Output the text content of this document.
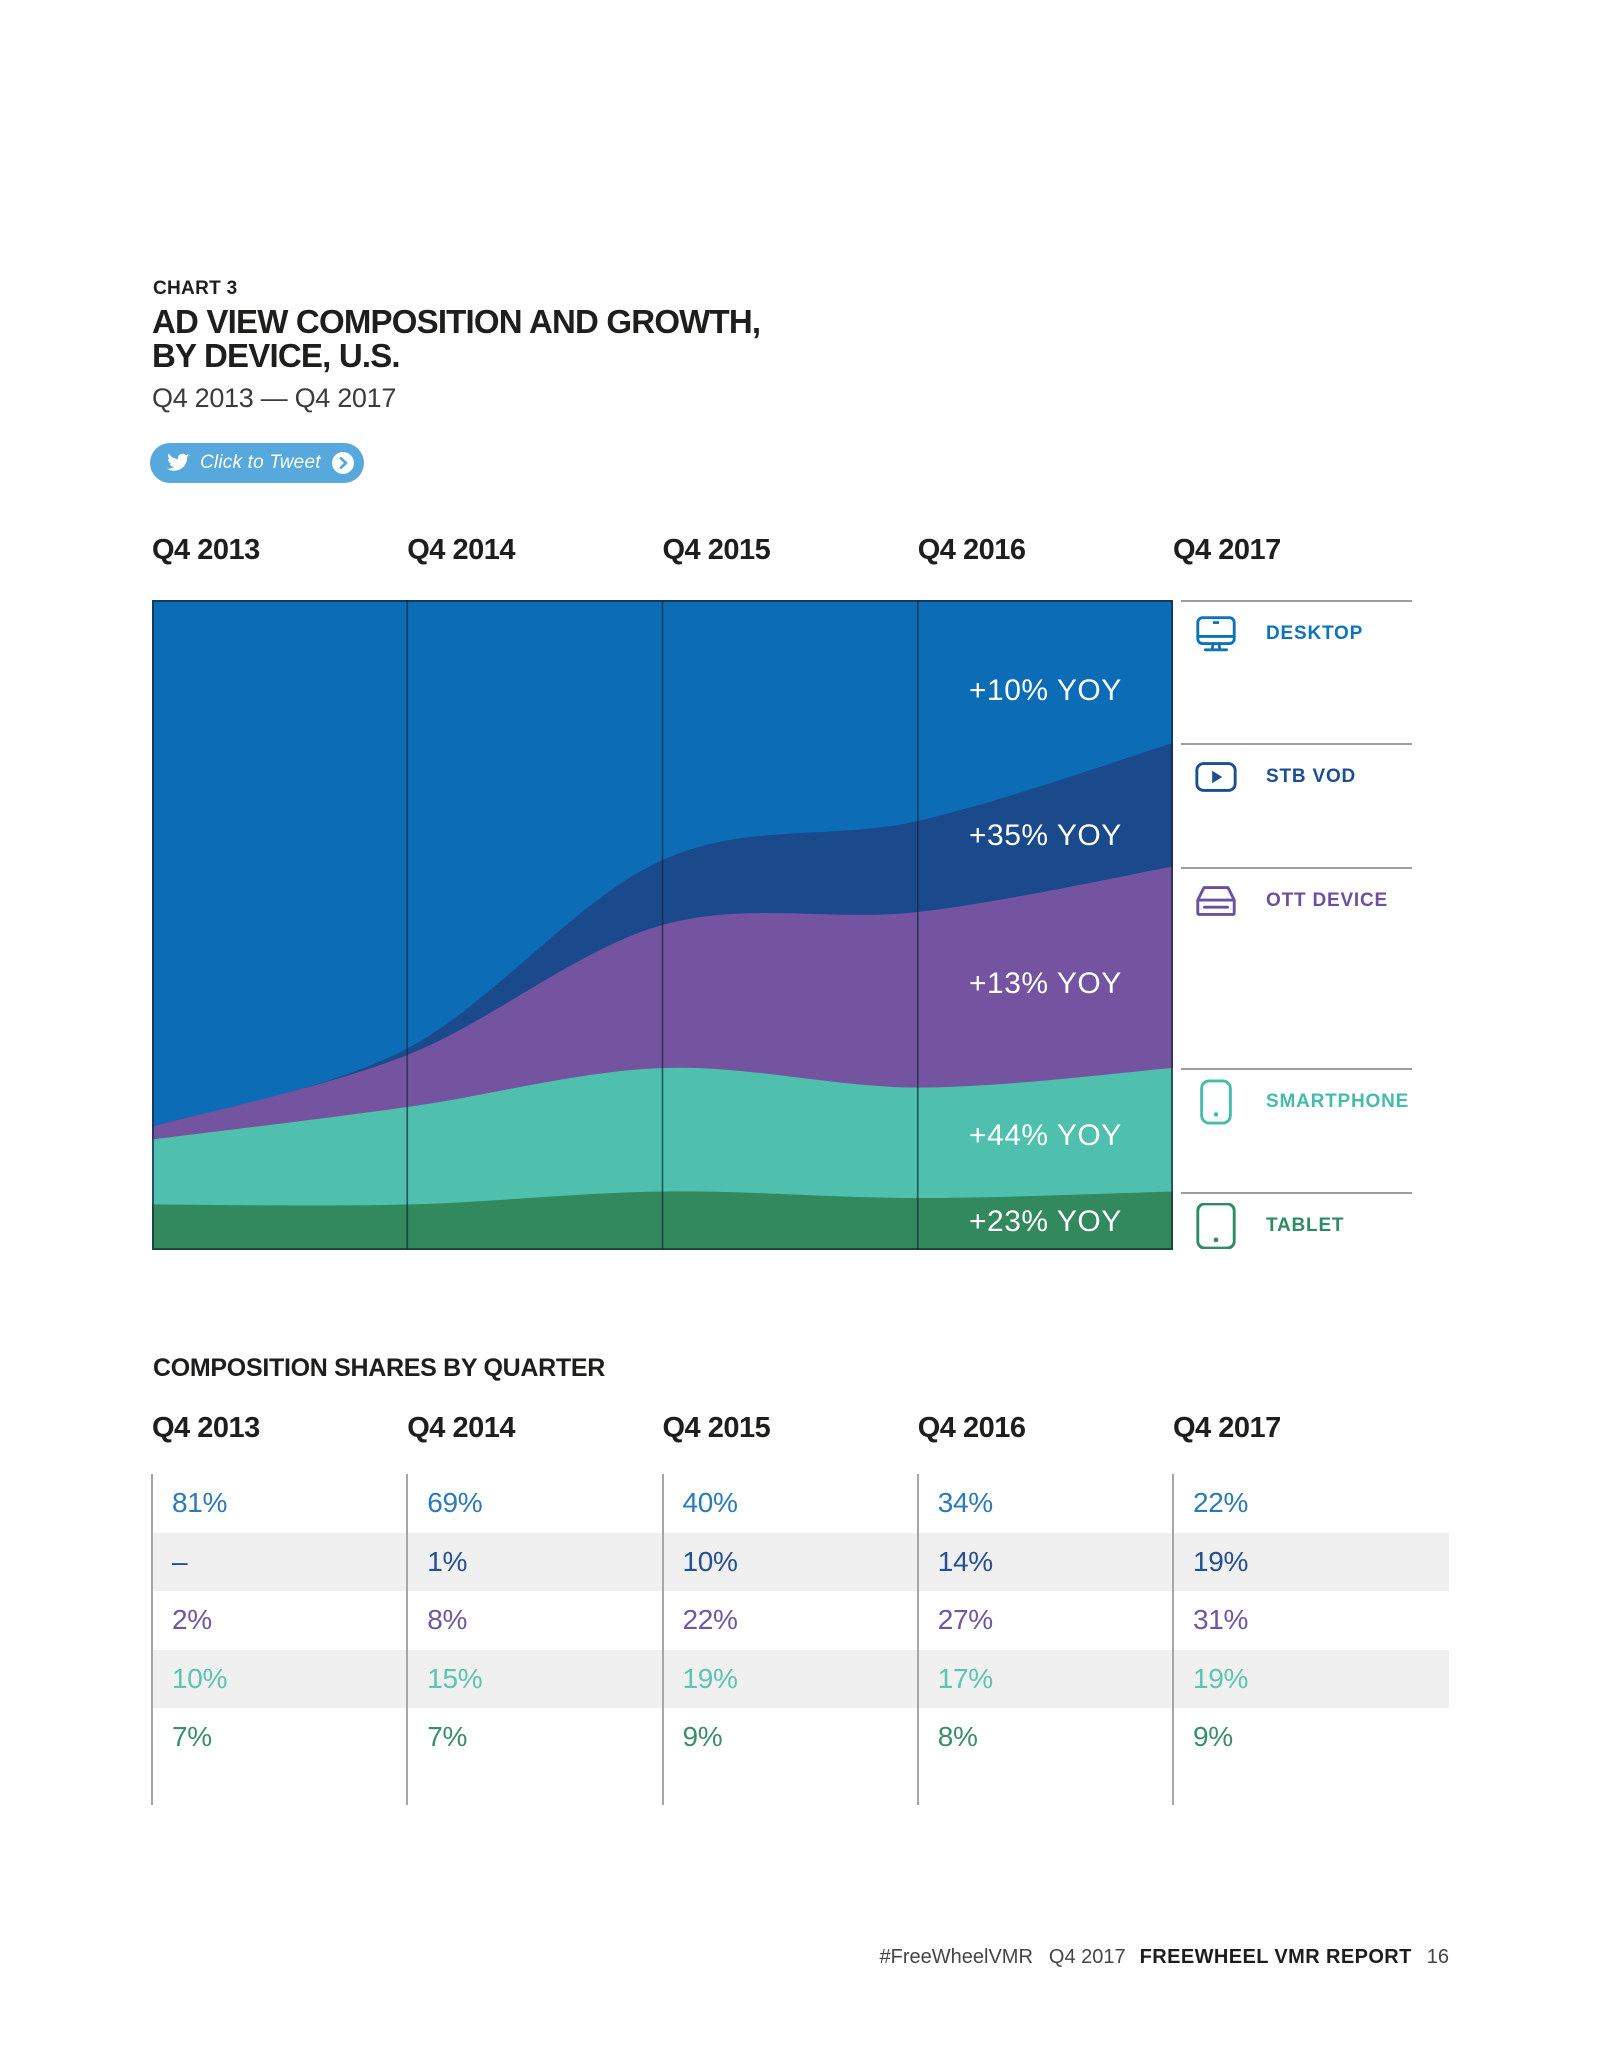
CHART 3
AD VIEW COMPOSITION AND GROWTH,
BY DEVICE, U.S.
Q4 2013 — Q4 2017
Click to Tweet
Q4 2013	Q4 2014	Q4 2015	Q4 2016	Q4 2017
+10% YOY
+35% YOY
+13% YOY
+44% YOY
+23% YOY
DESKTOP
STB VOD
OTT DEVICE
SMARTPHONE
TABLET
COMPOSITION SHARES BY QUARTER
Q4 2013	Q4 2014	Q4 2015	Q4 2016	Q4 2017
81%	69%	40%	34%	22%
–	1%	10%	14%	19%
2%	8%	22%	27%	31%
10%	15%	19%	17%	19%
7%	7%	9%	8%	9%
#FreeWheelVMR Q4 2017 FREEWHEEL VMR REPORT 16
